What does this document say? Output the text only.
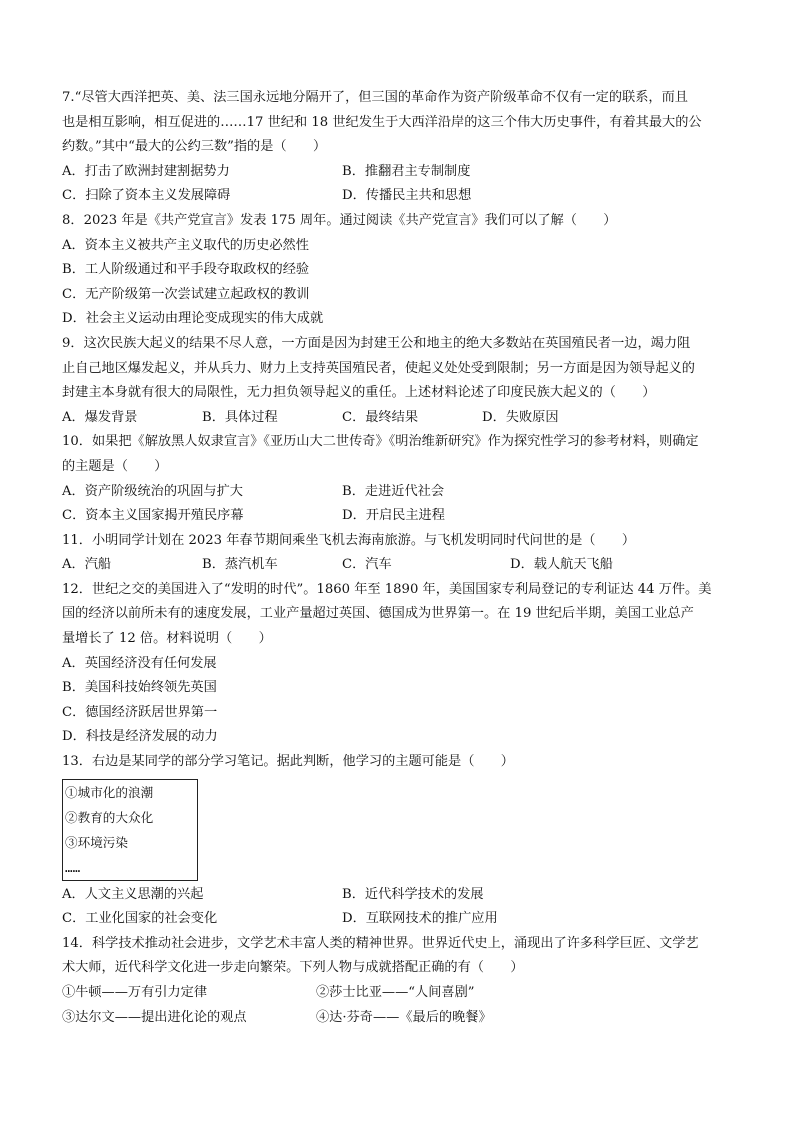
7.“尽管大西洋把英、美、法三国永远地分隔开了，但三国的革命作为资产阶级革命不仅有一定的联系，而且

也是相互影响，相互促进的……17 世纪和 18 世纪发生于大西洋沿岸的这三个伟大历史事件，有着其最大的公

约数。”其中“最大的公约三数”指的是（　　）

A．打击了欧洲封建割据势力	B．推翻君主专制制度
C．扫除了资本主义发展障碍	D．传播民主共和思想

8．2023 年是《共产党宣言》发表 175 周年。通过阅读《共产党宣言》我们可以了解（　　）

A．资本主义被共产主义取代的历史必然性

B．工人阶级通过和平手段夺取政权的经验

C．无产阶级第一次尝试建立起政权的教训

D．社会主义运动由理论变成现实的伟大成就

9．这次民族大起义的结果不尽人意，一方面是因为封建王公和地主的绝大多数站在英国殖民者一边，竭力阻

止自己地区爆发起义，并从兵力、财力上支持英国殖民者，使起义处处受到限制；另一方面是因为领导起义的

封建主本身就有很大的局限性，无力担负领导起义的重任。上述材料论述了印度民族大起义的（　　）

A．爆发背景	B．具体过程	C．最终结果	D．失败原因

10．如果把《解放黑人奴隶宣言》《亚历山大二世传奇》《明治维新研究》作为探究性学习的参考材料，则确定

的主题是（　　）

A．资产阶级统治的巩固与扩大	B．走进近代社会
C．资本主义国家揭开殖民序幕	D．开启民主进程

11．小明同学计划在 2023 年春节期间乘坐飞机去海南旅游。与飞机发明同时代问世的是（　　）

A．汽船	B．蒸汽机车	C．汽车	D．载人航天飞船

12．世纪之交的美国进入了“发明的时代”。1860 年至 1890 年，美国国家专利局登记的专利证达 44 万件。美

国的经济以前所未有的速度发展，工业产量超过英国、德国成为世界第一。在 19 世纪后半期，美国工业总产

量增长了 12 倍。材料说明（　　）

A．英国经济没有任何发展

B．美国科技始终领先英国

C．德国经济跃居世界第一

D．科技是经济发展的动力

13．右边是某同学的部分学习笔记。据此判断，他学习的主题可能是（　　）

①城市化的浪潮
②教育的大众化
③环境污染
……
A．人文主义思潮的兴起	B．近代科学技术的发展
C．工业化国家的社会变化	D．互联网技术的推广应用

14．科学技术推动社会进步，文学艺术丰富人类的精神世界。世界近代史上，涌现出了许多科学巨匠、文学艺

术大师，近代科学文化进一步走向繁荣。下列人物与成就搭配正确的有（　　）

①牛顿——万有引力定律	②莎士比亚——“人间喜剧”
③达尔文——提出进化论的观点	④达·芬奇——《最后的晚餐》
